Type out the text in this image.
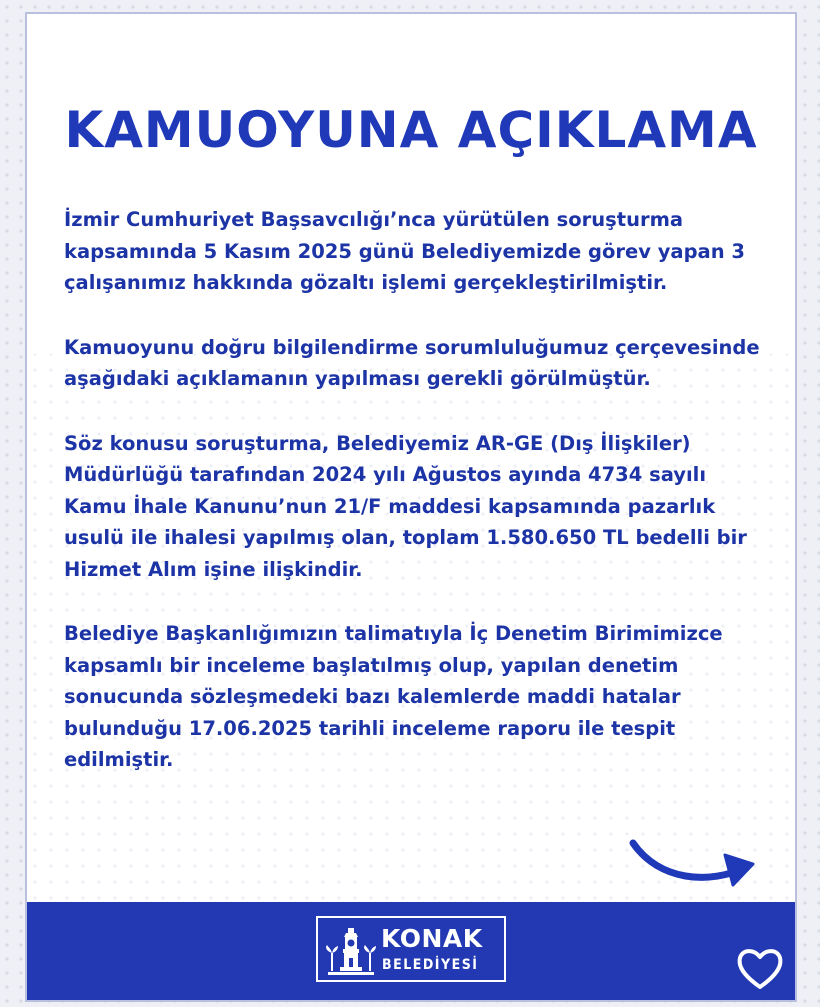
KAMUOYUNA AÇIKLAMA

İzmir Cumhuriyet Başsavcılığı’nca yürütülen soruşturma kapsamında 5 Kasım 2025 günü Belediyemizde görev yapan 3 çalışanımız hakkında gözaltı işlemi gerçekleştirilmiştir.

Kamuoyunu doğru bilgilendirme sorumluluğumuz çerçevesinde aşağıdaki açıklamanın yapılması gerekli görülmüştür.

Söz konusu soruşturma, Belediyemiz AR-GE (Dış İlişkiler) Müdürlüğü tarafından 2024 yılı Ağustos ayında 4734 sayılı Kamu İhale Kanunu’nun 21/F maddesi kapsamında pazarlık usulü ile ihalesi yapılmış olan, toplam 1.580.650 TL bedelli bir Hizmet Alım işine ilişkindir.

Belediye Başkanlığımızın talimatıyla İç Denetim Birimimizce kapsamlı bir inceleme başlatılmış olup, yapılan denetim sonucunda sözleşmedeki bazı kalemlerde maddi hatalar bulunduğu 17.06.2025 tarihli inceleme raporu ile tespit edilmiştir.

KONAK
BELEDİYESİ
